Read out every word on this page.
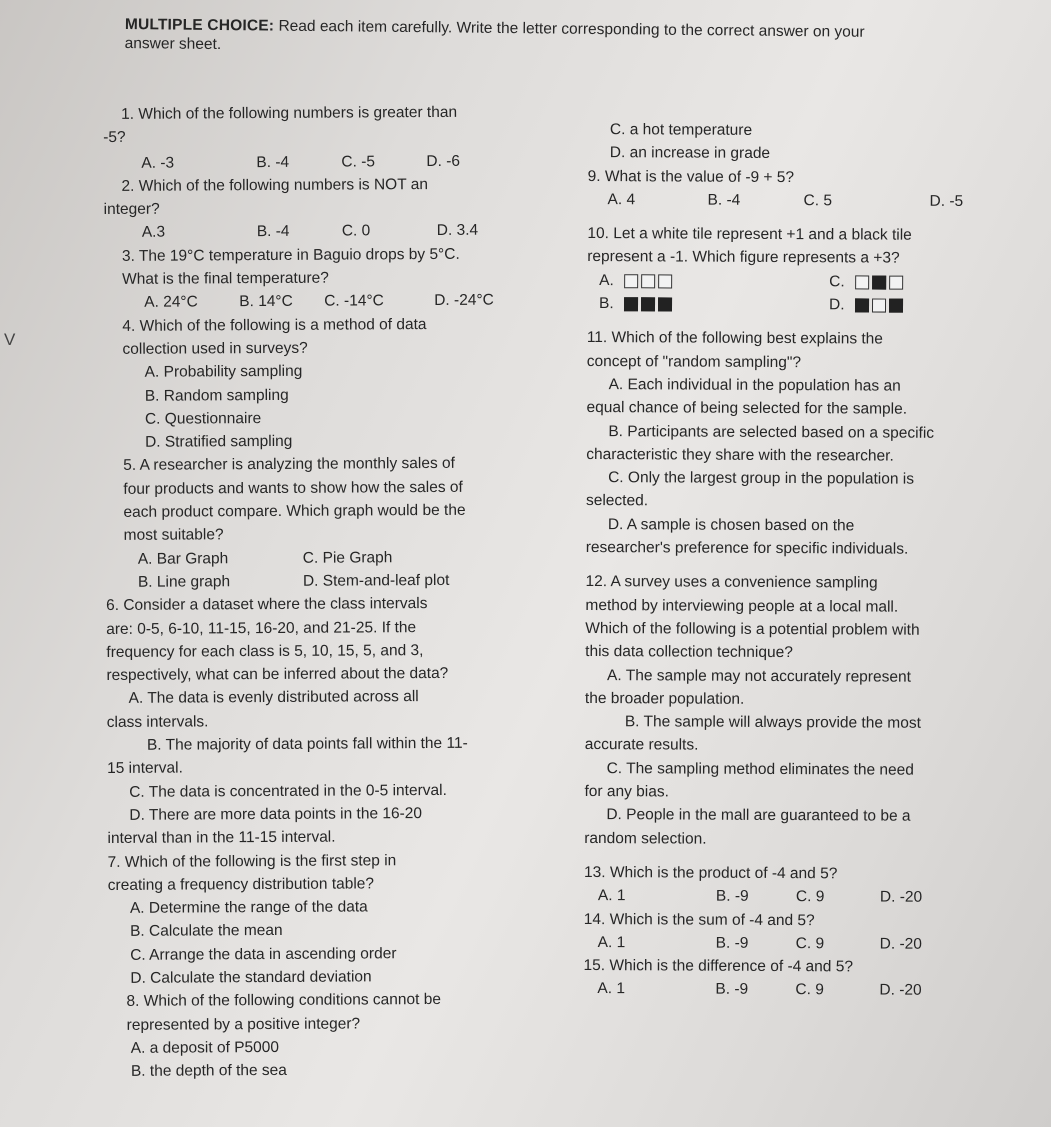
V
MULTIPLE CHOICE: Read each item carefully. Write the letter corresponding to the correct answer on your
answer sheet.
1. Which of the following numbers is greater than
-5?
A. -3	B. -4	C. -5	D. -6
2. Which of the following numbers is NOT an
integer?
A.3	B. -4	C. 0	D. 3.4
3. The 19°C temperature in Baguio drops by 5°C.
What is the final temperature?
A. 24°C	B. 14°C	C. -14°C	D. -24°C
4. Which of the following is a method of data
collection used in surveys?
A. Probability sampling
B. Random sampling
C. Questionnaire
D. Stratified sampling
5. A researcher is analyzing the monthly sales of
four products and wants to show how the sales of
each product compare. Which graph would be the
most suitable?
A. Bar Graph	C. Pie Graph
B. Line graph	D. Stem-and-leaf plot
6. Consider a dataset where the class intervals
are: 0-5, 6-10, 11-15, 16-20, and 21-25. If the
frequency for each class is 5, 10, 15, 5, and 3,
respectively, what can be inferred about the data?
A. The data is evenly distributed across all
class intervals.
B. The majority of data points fall within the 11-
15 interval.
C. The data is concentrated in the 0-5 interval.
D. There are more data points in the 16-20
interval than in the 11-15 interval.
7. Which of the following is the first step in
creating a frequency distribution table?
A. Determine the range of the data
B. Calculate the mean
C. Arrange the data in ascending order
D. Calculate the standard deviation
8. Which of the following conditions cannot be
represented by a positive integer?
A. a deposit of P5000
B. the depth of the sea
C. a hot temperature
D. an increase in grade
9. What is the value of -9 + 5?
A. 4	B. -4	C. 5	D. -5
10. Let a white tile represent +1 and a black tile
represent a -1. Which figure represents a +3?
A.	C.
B.	D.
11. Which of the following best explains the
concept of "random sampling"?
A. Each individual in the population has an
equal chance of being selected for the sample.
B. Participants are selected based on a specific
characteristic they share with the researcher.
C. Only the largest group in the population is
selected.
D. A sample is chosen based on the
researcher's preference for specific individuals.
12. A survey uses a convenience sampling
method by interviewing people at a local mall.
Which of the following is a potential problem with
this data collection technique?
A. The sample may not accurately represent
the broader population.
B. The sample will always provide the most
accurate results.
C. The sampling method eliminates the need
for any bias.
D. People in the mall are guaranteed to be a
random selection.
13. Which is the product of -4 and 5?
A. 1	B. -9	C. 9	D. -20
14. Which is the sum of -4 and 5?
A. 1	B. -9	C. 9	D. -20
15. Which is the difference of -4 and 5?
A. 1	B. -9	C. 9	D. -20
